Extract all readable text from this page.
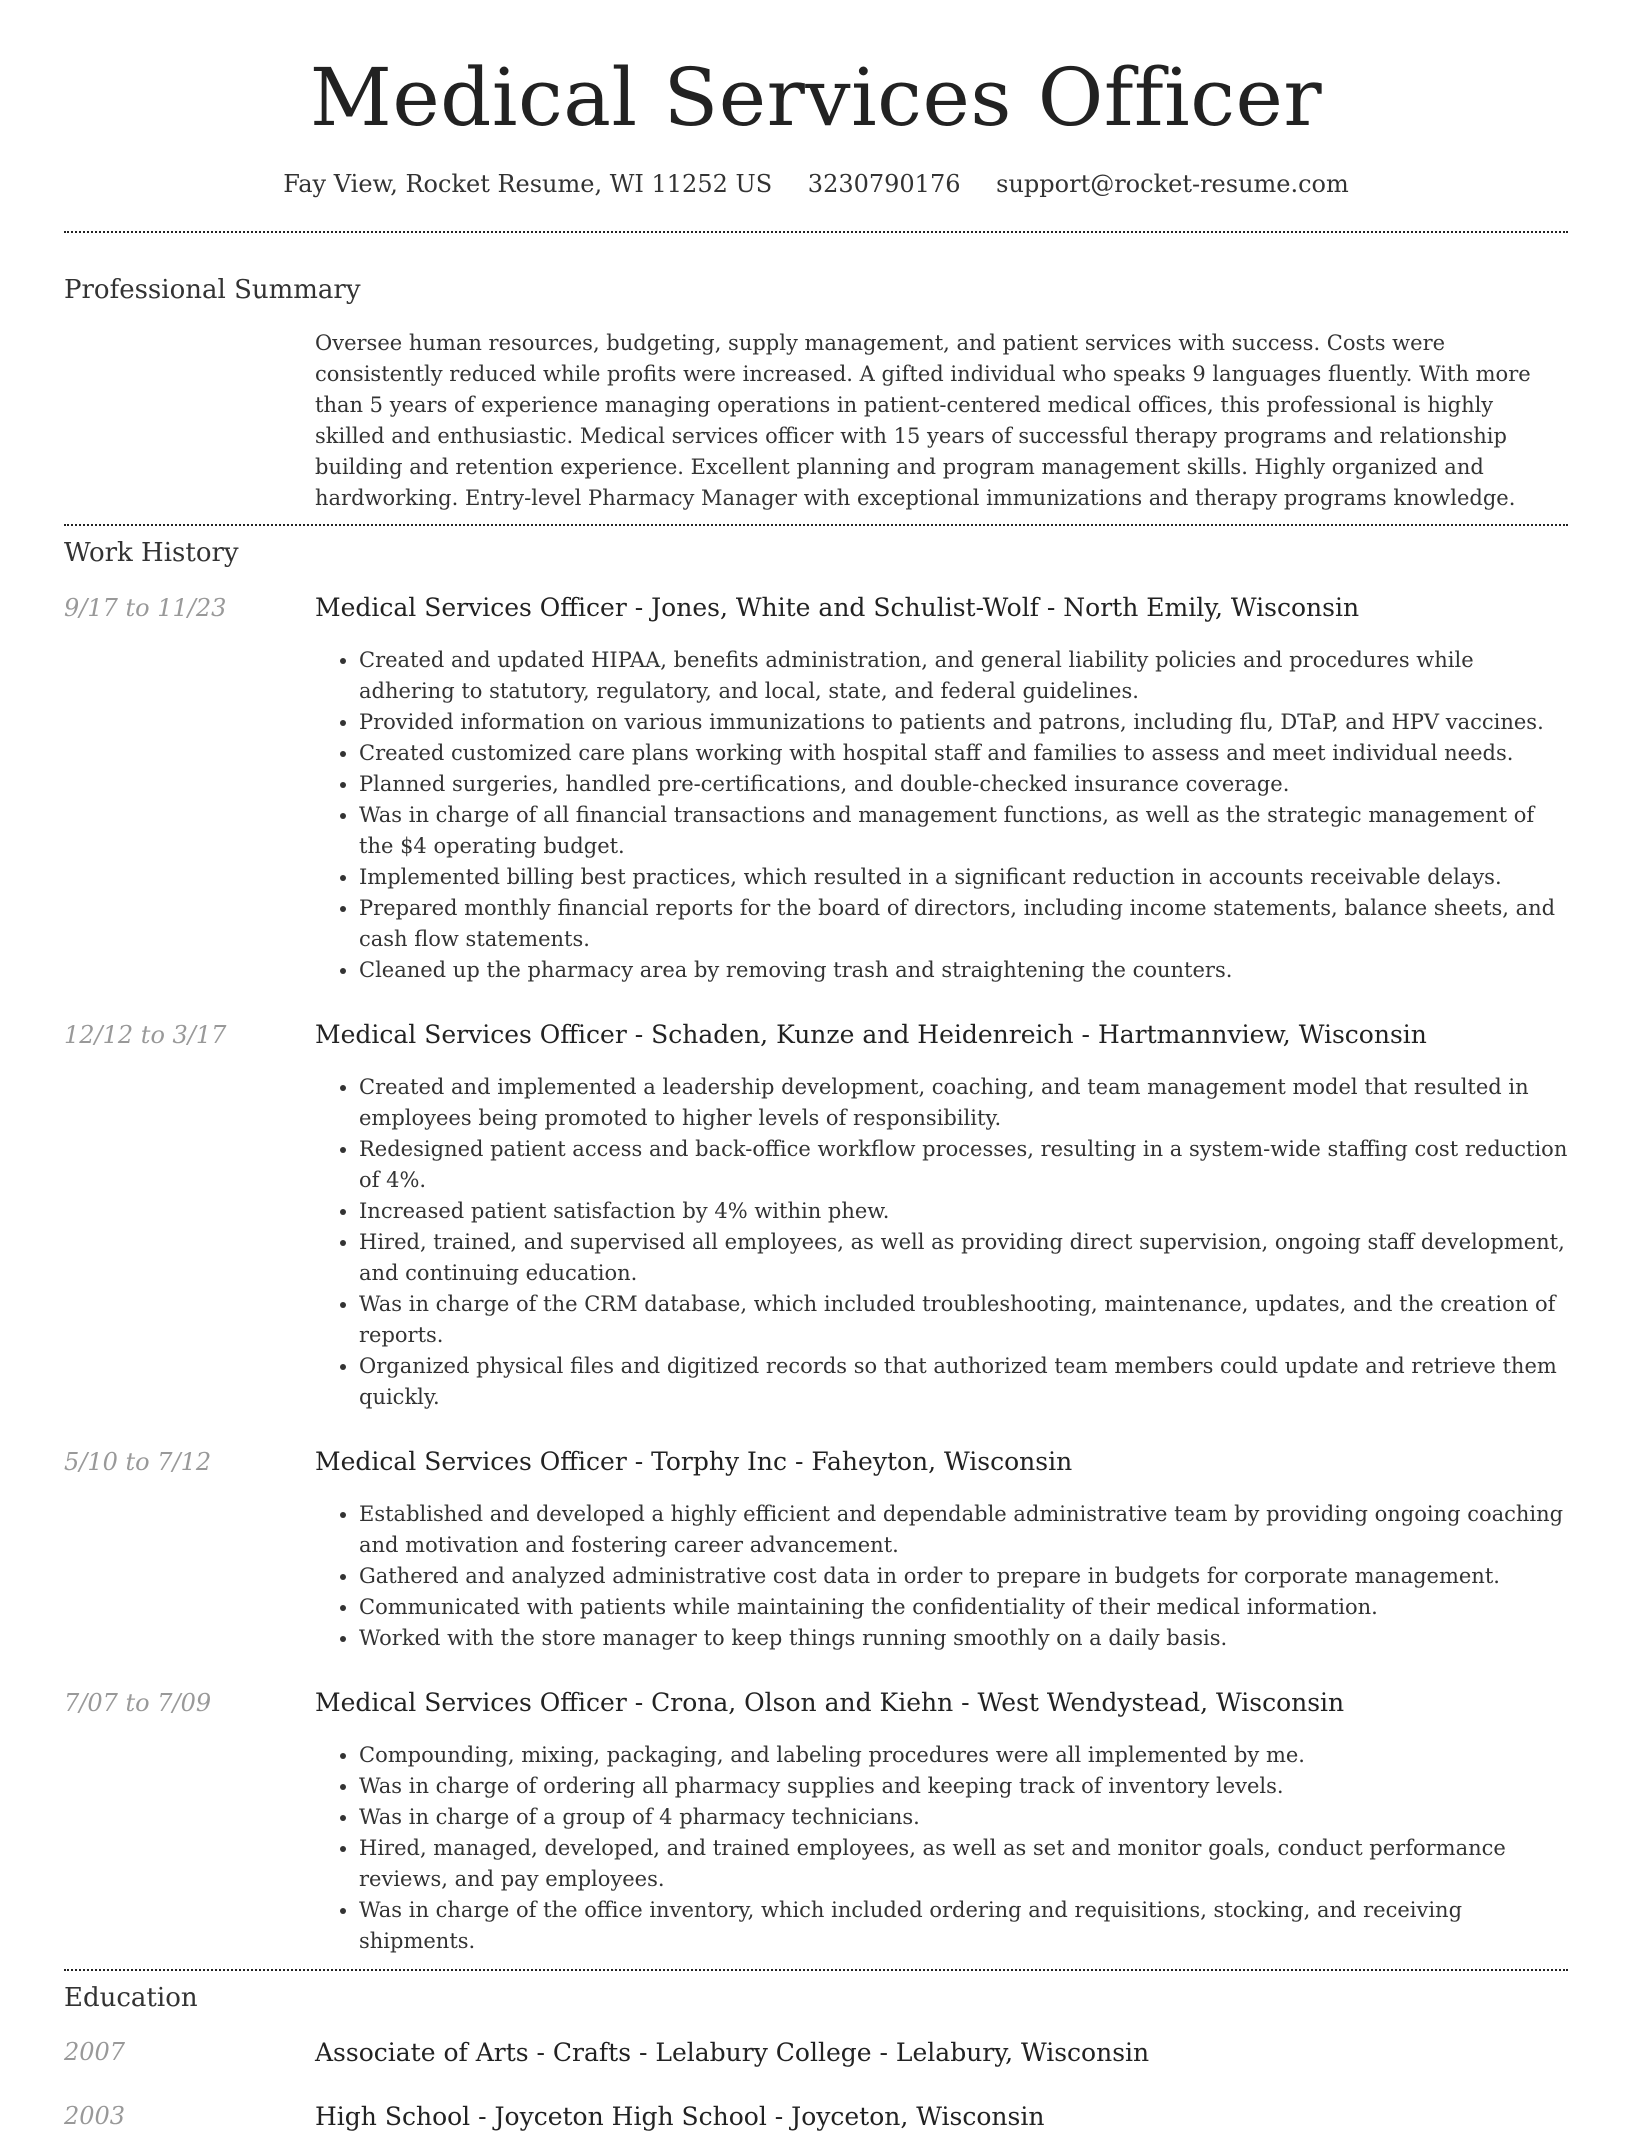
Medical Services Officer
Fay View, Rocket Resume, WI 11252 US 3230790176 support@rocket-resume.com
Professional Summary

Oversee human resources, budgeting, supply management, and patient services with success. Costs were consistently reduced while profits were increased. A gifted individual who speaks 9 languages fluently. With more than 5 years of experience managing operations in patient-centered medical offices, this professional is highly skilled and enthusiastic. Medical services officer with 15 years of successful therapy programs and relationship building and retention experience. Excellent planning and program management skills. Highly organized and hardworking. Entry-level Pharmacy Manager with exceptional immunizations and therapy programs knowledge.

Work History
9/17 to 11/23	Medical Services Officer - Jones, White and Schulist-Wolf - North Emily, Wisconsin
• Created and updated HIPAA, benefits administration, and general liability policies and procedures while adhering to statutory, regulatory, and local, state, and federal guidelines.
• Provided information on various immunizations to patients and patrons, including flu, DTaP, and HPV vaccines.
• Created customized care plans working with hospital staff and families to assess and meet individual needs.
• Planned surgeries, handled pre-certifications, and double-checked insurance coverage.
• Was in charge of all financial transactions and management functions, as well as the strategic management of the $4 operating budget.
• Implemented billing best practices, which resulted in a significant reduction in accounts receivable delays.
• Prepared monthly financial reports for the board of directors, including income statements, balance sheets, and cash flow statements.
• Cleaned up the pharmacy area by removing trash and straightening the counters.
12/12 to 3/17	Medical Services Officer - Schaden, Kunze and Heidenreich - Hartmannview, Wisconsin
• Created and implemented a leadership development, coaching, and team management model that resulted in employees being promoted to higher levels of responsibility.
• Redesigned patient access and back-office workflow processes, resulting in a system-wide staffing cost reduction of 4%.
• Increased patient satisfaction by 4% within phew.
• Hired, trained, and supervised all employees, as well as providing direct supervision, ongoing staff development, and continuing education.
• Was in charge of the CRM database, which included troubleshooting, maintenance, updates, and the creation of reports.
• Organized physical files and digitized records so that authorized team members could update and retrieve them quickly.
5/10 to 7/12	Medical Services Officer - Torphy Inc - Faheyton, Wisconsin
• Established and developed a highly efficient and dependable administrative team by providing ongoing coaching and motivation and fostering career advancement.
• Gathered and analyzed administrative cost data in order to prepare in budgets for corporate management.
• Communicated with patients while maintaining the confidentiality of their medical information.
• Worked with the store manager to keep things running smoothly on a daily basis.
7/07 to 7/09	Medical Services Officer - Crona, Olson and Kiehn - West Wendystead, Wisconsin
• Compounding, mixing, packaging, and labeling procedures were all implemented by me.
• Was in charge of ordering all pharmacy supplies and keeping track of inventory levels.
• Was in charge of a group of 4 pharmacy technicians.
• Hired, managed, developed, and trained employees, as well as set and monitor goals, conduct performance reviews, and pay employees.
• Was in charge of the office inventory, which included ordering and requisitions, stocking, and receiving shipments.
Education
2007	Associate of Arts - Crafts - Lelabury College - Lelabury, Wisconsin
2003	High School - Joyceton High School - Joyceton, Wisconsin
